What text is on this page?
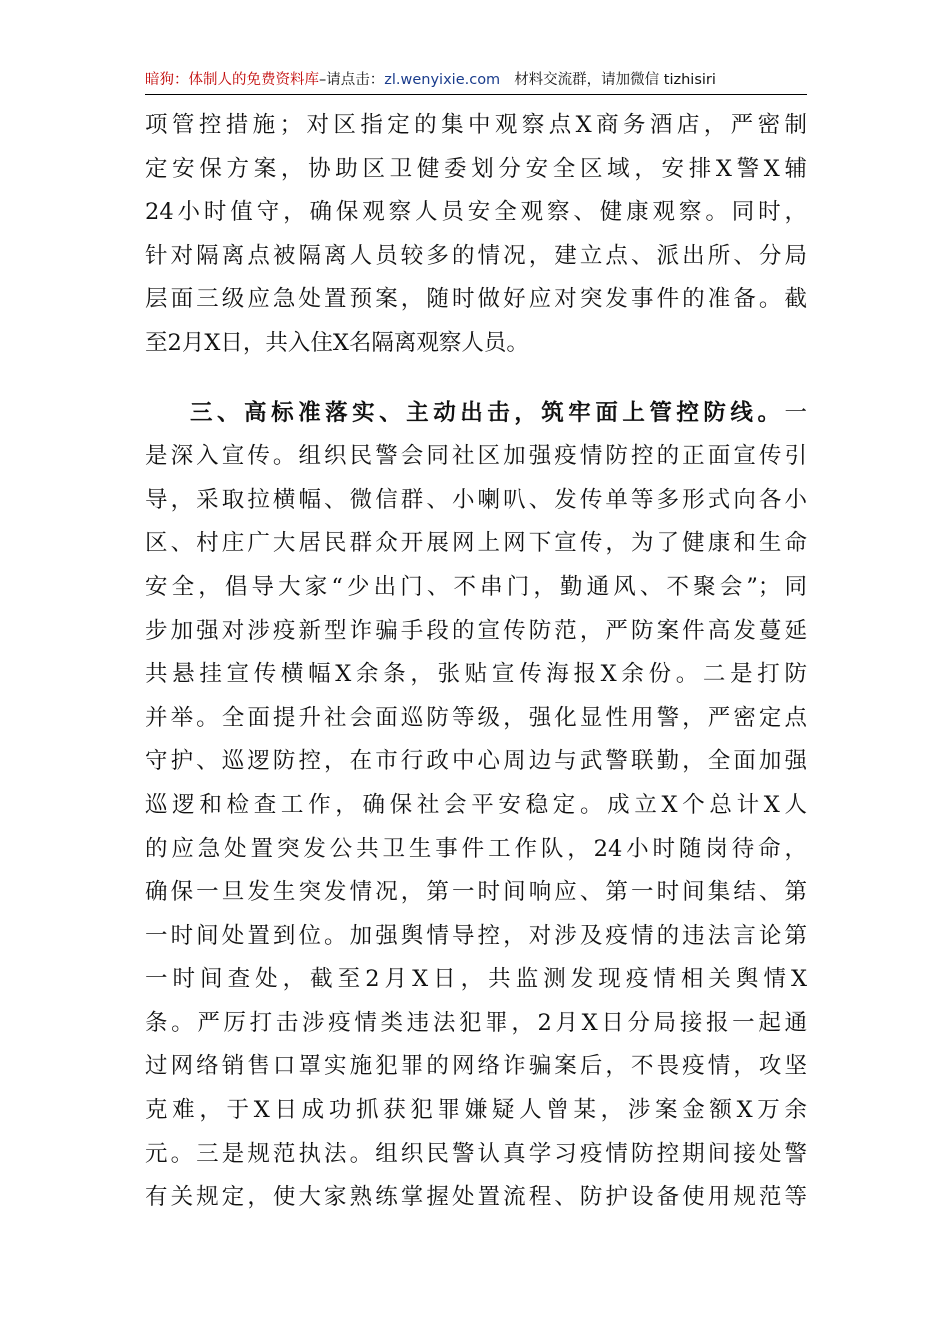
暗狗：体制人的免费资料库–请点击：zl.wenyixie.com 材料交流群，请加微信 tizhisiri
项管控措施；对区指定的集中观察点X商务酒店，严密制
定安保方案，协助区卫健委划分安全区域，安排X警X辅
24小时值守，确保观察人员安全观察、健康观察。同时，
针对隔离点被隔离人员较多的情况，建立点、派出所、分局
层面三级应急处置预案，随时做好应对突发事件的准备。截
至2月X日，共入住X名隔离观察人员。
三、高标准落实、主动出击，筑牢面上管控防线。一
是深入宣传。组织民警会同社区加强疫情防控的正面宣传引
导，采取拉横幅、微信群、小喇叭、发传单等多形式向各小
区、村庄广大居民群众开展网上网下宣传，为了健康和生命
安全，倡导大家“少出门、不串门，勤通风、不聚会”；同
步加强对涉疫新型诈骗手段的宣传防范，严防案件高发蔓延
共悬挂宣传横幅X余条，张贴宣传海报X余份。二是打防
并举。全面提升社会面巡防等级，强化显性用警，严密定点
守护、巡逻防控，在市行政中心周边与武警联勤，全面加强
巡逻和检查工作，确保社会平安稳定。成立X个总计X人
的应急处置突发公共卫生事件工作队，24小时随岗待命，
确保一旦发生突发情况，第一时间响应、第一时间集结、第
一时间处置到位。加强舆情导控，对涉及疫情的违法言论第
一时间查处，截至2月X日，共监测发现疫情相关舆情X
条。严厉打击涉疫情类违法犯罪，2月X日分局接报一起通
过网络销售口罩实施犯罪的网络诈骗案后，不畏疫情，攻坚
克难，于X日成功抓获犯罪嫌疑人曾某，涉案金额X万余
元。三是规范执法。组织民警认真学习疫情防控期间接处警
有关规定，使大家熟练掌握处置流程、防护设备使用规范等
